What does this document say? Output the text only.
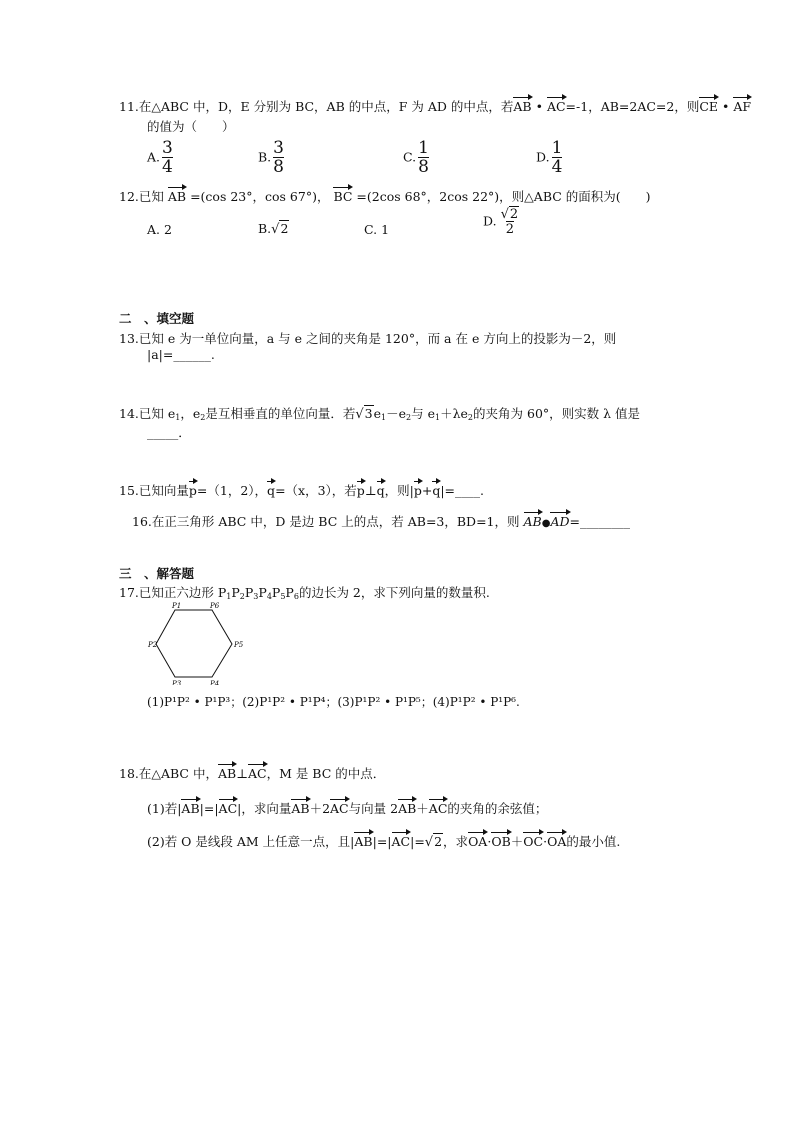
11.在△ABC 中，D，E 分别为 BC，AB 的中点，F 为 AD 的中点，若AB • AC=-1，AB=2AC=2，则CE • AF
的值为（　　）
A. $\frac{3}{4}$	B. $\frac{3}{8}$	C. $\frac{1}{8}$	D. $\frac{1}{4}$
12.已知 AB =(cos 23°，cos 67°)， BC =(2cos 68°，2cos 22°)，则△ABC 的面积为(　　)
A. 2	B.√2	C. 1
D. $\frac{√2}{2}$
二　、填空题
13.已知 e 为一单位向量，a 与 e 之间的夹角是 120°，而 a 在 e 方向上的投影为－2，则
|a|=______.
14.已知 $e_1$，$e_2$是互相垂直的单位向量．若$√3e_1-e_2$与 $e_1+\lambda e_2$的夹角为 60°，则实数 λ 值是
_____．
15.已知向量p=（1，2），q=（x，3），若p⊥q，则|p+q|=____.
16.在正三角形 ABC 中，D 是边 BC 上的点，若 AB=3，BD=1，则 AB●AD=________
三　、解答题
17.已知正六边形 $P_1P_2P_3P_4P_5P_6$的边长为 2，求下列向量的数量积.
P1	P6
P2	P5
P3	P4
(1)P¹P² • P¹P³；(2)P¹P² • P¹P⁴；(3)P¹P² • P¹P⁵；(4)P¹P² • P¹P⁶.
18.在△ABC 中，AB⊥AC，M 是 BC 的中点．
(1)若|AB|=|AC|，求向量AB＋2AC与向量 2AB＋AC的夹角的余弦值；
(2)若 O 是线段 AM 上任意一点，且|AB|=|AC|=√2，求OA·OB＋OC·OA的最小值.
